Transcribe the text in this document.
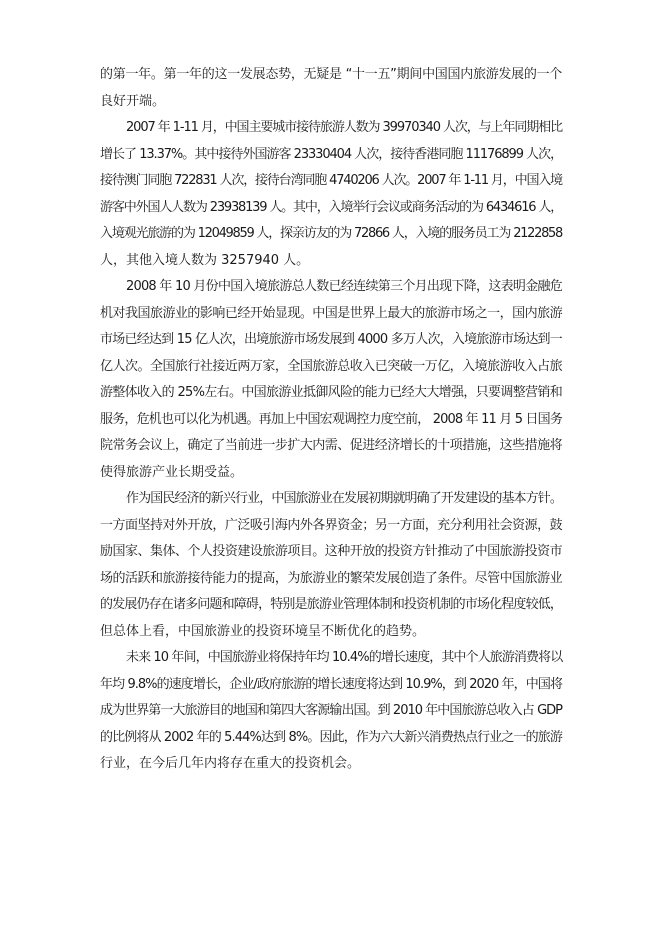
的第一年。第一年的这一发展态势，无疑是 “十一五”期间中国国内旅游发展的一个
良好开端。

2007 年 1-11 月，中国主要城市接待旅游人数为 39970340 人次，与上年同期相比
增长了 13.37%。其中接待外国游客 23330404 人次，接待香港同胞 11176899 人次，
接待澳门同胞 722831 人次，接待台湾同胞 4740206 人次。2007 年 1-11 月，中国入境
游客中外国人人数为 23938139 人。其中，入境举行会议或商务活动的为 6434616 人，
入境观光旅游的为 12049859 人，探亲访友的为 72866 人，入境的服务员工为 2122858
人，其他入境人数为 3257940 人。

2008 年 10 月份中国入境旅游总人数已经连续第三个月出现下降，这表明金融危
机对我国旅游业的影响已经开始显现。中国是世界上最大的旅游市场之一，国内旅游
市场已经达到 15 亿人次，出境旅游市场发展到 4000 多万人次，入境旅游市场达到一
亿人次。全国旅行社接近两万家，全国旅游总收入已突破一万亿，入境旅游收入占旅
游整体收入的 25%左右。中国旅游业抵御风险的能力已经大大增强，只要调整营销和
服务，危机也可以化为机遇。再加上中国宏观调控力度空前， 2008 年 11 月 5 日国务
院常务会议上，确定了当前进一步扩大内需、促进经济增长的十项措施，这些措施将
使得旅游产业长期受益。

作为国民经济的新兴行业，中国旅游业在发展初期就明确了开发建设的基本方针。
一方面坚持对外开放，广泛吸引海内外各界资金；另一方面，充分利用社会资源，鼓
励国家、集体、个人投资建设旅游项目。这种开放的投资方针推动了中国旅游投资市
场的活跃和旅游接待能力的提高，为旅游业的繁荣发展创造了条件。尽管中国旅游业
的发展仍存在诸多问题和障碍，特别是旅游业管理体制和投资机制的市场化程度较低，
但总体上看，中国旅游业的投资环境呈不断优化的趋势。

未来 10 年间，中国旅游业将保持年均 10.4%的增长速度，其中个人旅游消费将以
年均 9.8%的速度增长，企业/政府旅游的增长速度将达到 10.9%，到 2020 年，中国将
成为世界第一大旅游目的地国和第四大客源输出国。到 2010 年中国旅游总收入占 GDP
的比例将从 2002 年的 5.44%达到 8%。因此，作为六大新兴消费热点行业之一的旅游
行业，在今后几年内将存在重大的投资机会。
